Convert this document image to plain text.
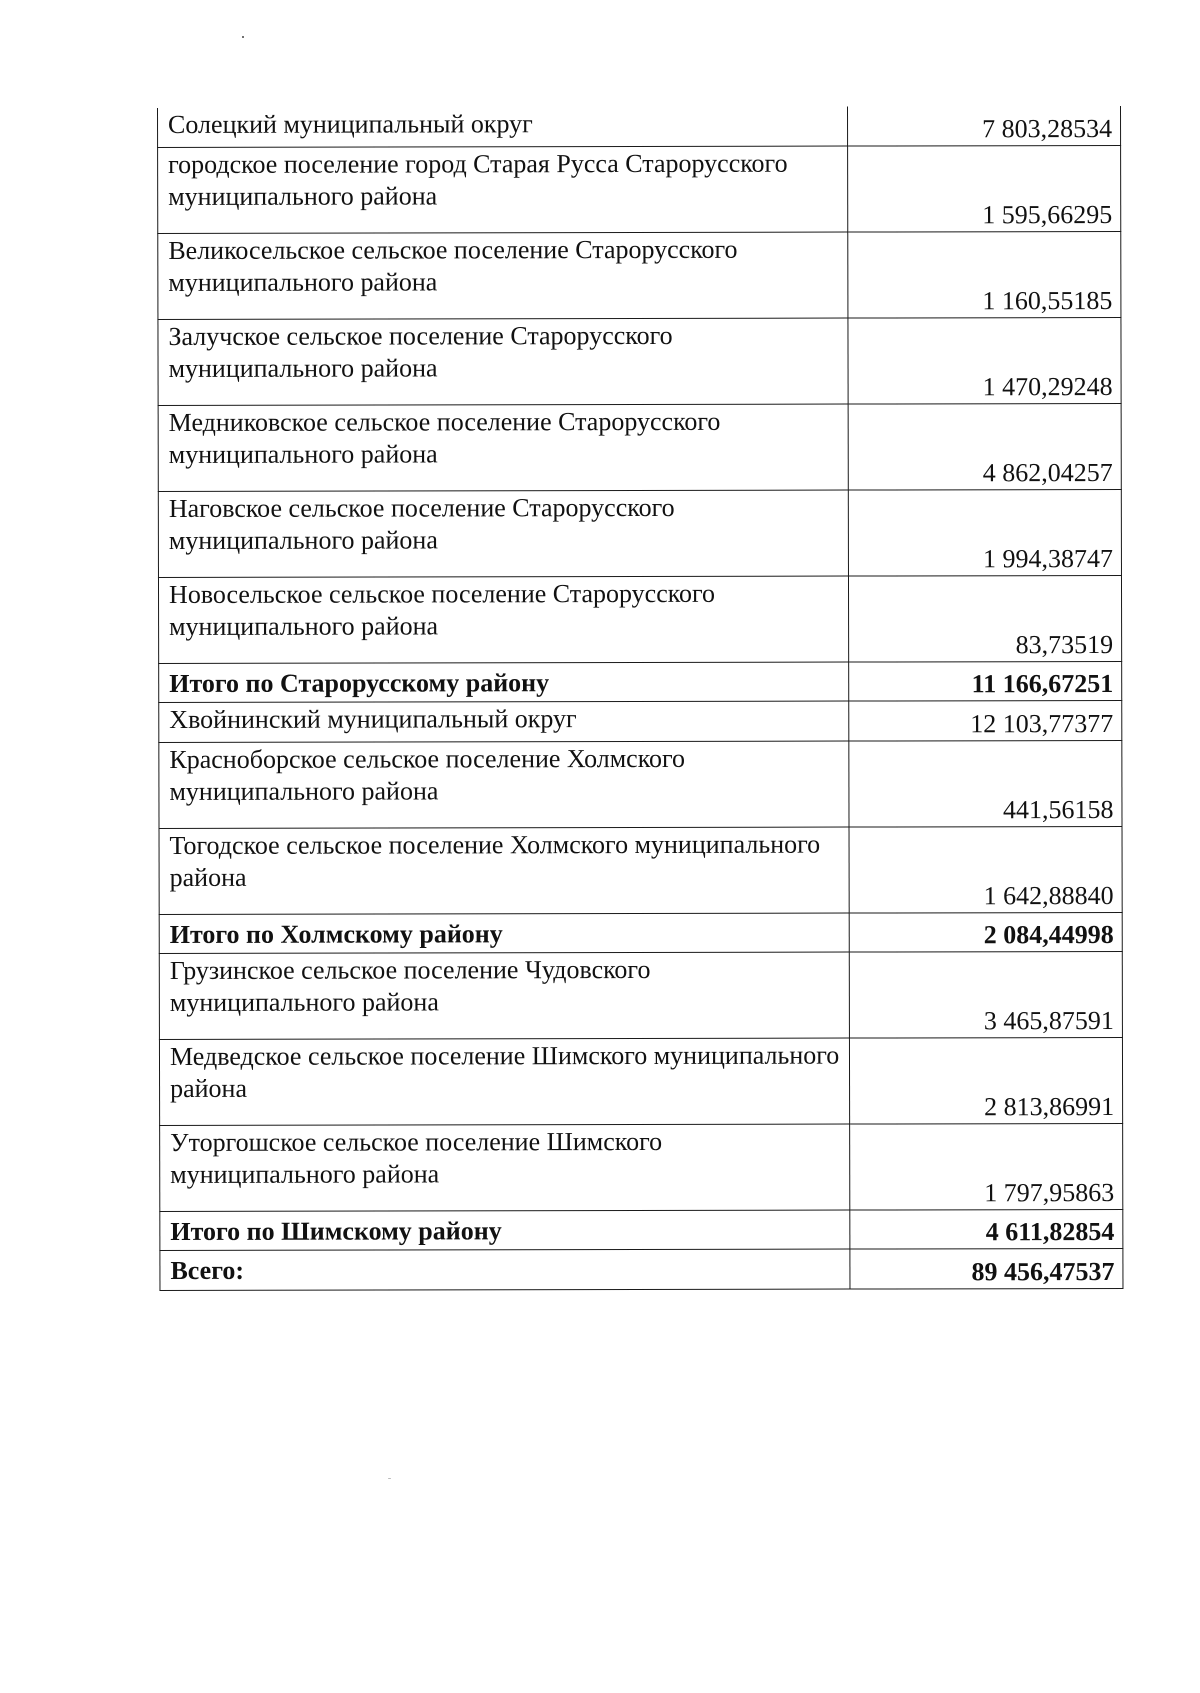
Солецкий муниципальный округ	7 803,28534
городское поселение город Старая Русса Старорусского муниципального района	1 595,66295
Великосельское сельское поселение Старорусского муниципального района	1 160,55185
Залучское сельское поселение Старорусского муниципального района	1 470,29248
Медниковское сельское поселение Старорусского муниципального района	4 862,04257
Наговское сельское поселение Старорусского муниципального района	1 994,38747
Новосельское сельское поселение Старорусского муниципального района	83,73519
Итого по Старорусскому району	11 166,67251
Хвойнинский муниципальный округ	12 103,77377
Красноборское сельское поселение Холмского муниципального района	441,56158
Тогодское сельское поселение Холмского муниципального района	1 642,88840
Итого по Холмскому району	2 084,44998
Грузинское сельское поселение Чудовского муниципального района	3 465,87591
Медведское сельское поселение Шимского муниципального района	2 813,86991
Уторгошское сельское поселение Шимского муниципального района	1 797,95863
Итого по Шимскому району	4 611,82854
Всего:	89 456,47537
